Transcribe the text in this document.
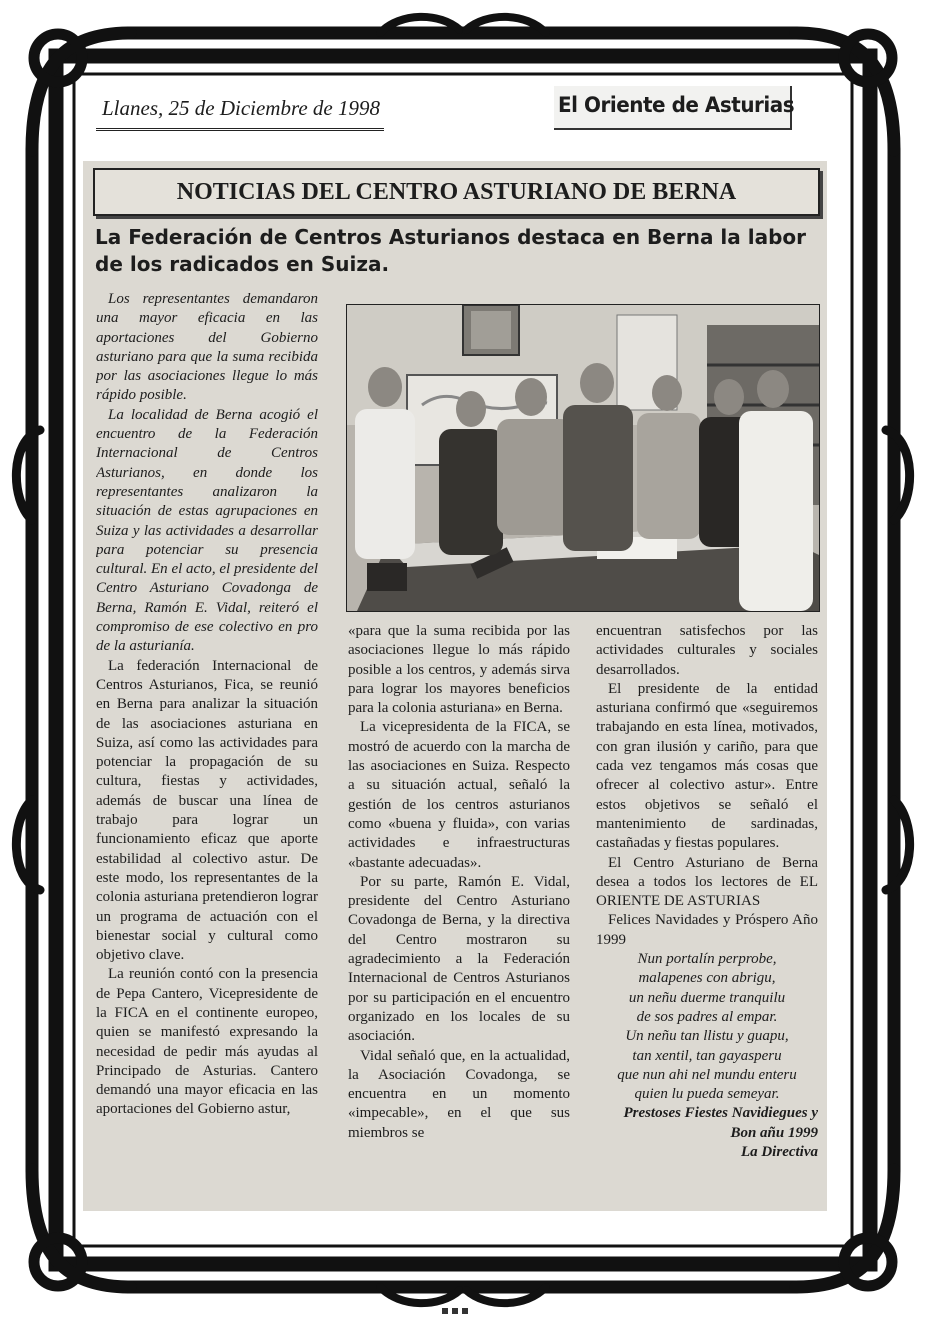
Llanes, 25 de Diciembre de 1998	El Oriente de Asturias
NOTICIAS DEL CENTRO ASTURIANO DE BERNA
La Federación de Centros Asturianos destaca en Berna la labor de los radicados en Suiza.

Los representantes demandaron una mayor eficacia en las aportaciones del Gobierno asturiano para que la suma recibida por las asociaciones llegue lo más rápido posible.

La localidad de Berna acogió el encuentro de la Federación Internacional de Centros Asturianos, en donde los representantes analizaron la situación de estas agrupaciones en Suiza y las actividades a desarrollar para potenciar su presencia cultural. En el acto, el presidente del Centro Asturiano Covadonga de Berna, Ramón E. Vidal, reiteró el compromiso de ese colectivo en pro de la asturianía.

La federación Internacional de Centros Asturianos, Fica, se reunió en Berna para analizar la situación de las asociaciones asturiana en Suiza, así como las actividades para potenciar la propagación de su cultura, fiestas y actividades, además de buscar una línea de trabajo para lograr un funcionamiento eficaz que aporte estabilidad al colectivo astur. De este modo, los representantes de la colonia asturiana pretendieron lograr un programa de actuación con el bienestar social y cultural como objetivo clave.

La reunión contó con la presencia de Pepa Cantero, Vicepresidente de la FICA en el continente europeo, quien se manifestó expresando la necesidad de pedir más ayudas al Principado de Asturias. Cantero demandó una mayor eficacia en las aportaciones del Gobierno astur,

«para que la suma recibida por las asociaciones llegue lo más rápido posible a los centros, y además sirva para lograr los mayores beneficios para la colonia asturiana» en Berna.

La vicepresidenta de la FICA, se mostró de acuerdo con la marcha de las asociaciones en Suiza. Respecto a su situación actual, señaló la gestión de los centros asturianos como «buena y fluida», con varias actividades e infraestructuras «bastante adecuadas».

Por su parte, Ramón E. Vidal, presidente del Centro Asturiano Covadonga de Berna, y la directiva del Centro mostraron su agradecimiento a la Federación Internacional de Centros Asturianos por su participación en el encuentro organizado en los locales de su asociación.

Vidal señaló que, en la actualidad, la Asociación Covadonga, se encuentra en un momento «impecable», en el que sus miembros se

encuentran satisfechos por las actividades culturales y sociales desarrollados.

El presidente de la entidad asturiana confirmó que «seguiremos trabajando en esta línea, motivados, con gran ilusión y cariño, para que cada vez tengamos más cosas que ofrecer al colectivo astur». Entre estos objetivos se señaló el mantenimiento de sardinadas, castañadas y fiestas populares.

El Centro Asturiano de Berna desea a todos los lectores de EL ORIENTE DE ASTURIAS

Felices Navidades y Próspero Año 1999

Nun portalín perprobe,

malapenes con abrigu,

un neñu duerme tranquilu

de sos padres al empar.

Un neñu tan llistu y guapu,

tan xentil, tan gayasperu

que nun ahi nel mundu enteru

quien lu pueda semeyar.

Prestoses Fiestes Navidiegues y Bon añu 1999

La Directiva
